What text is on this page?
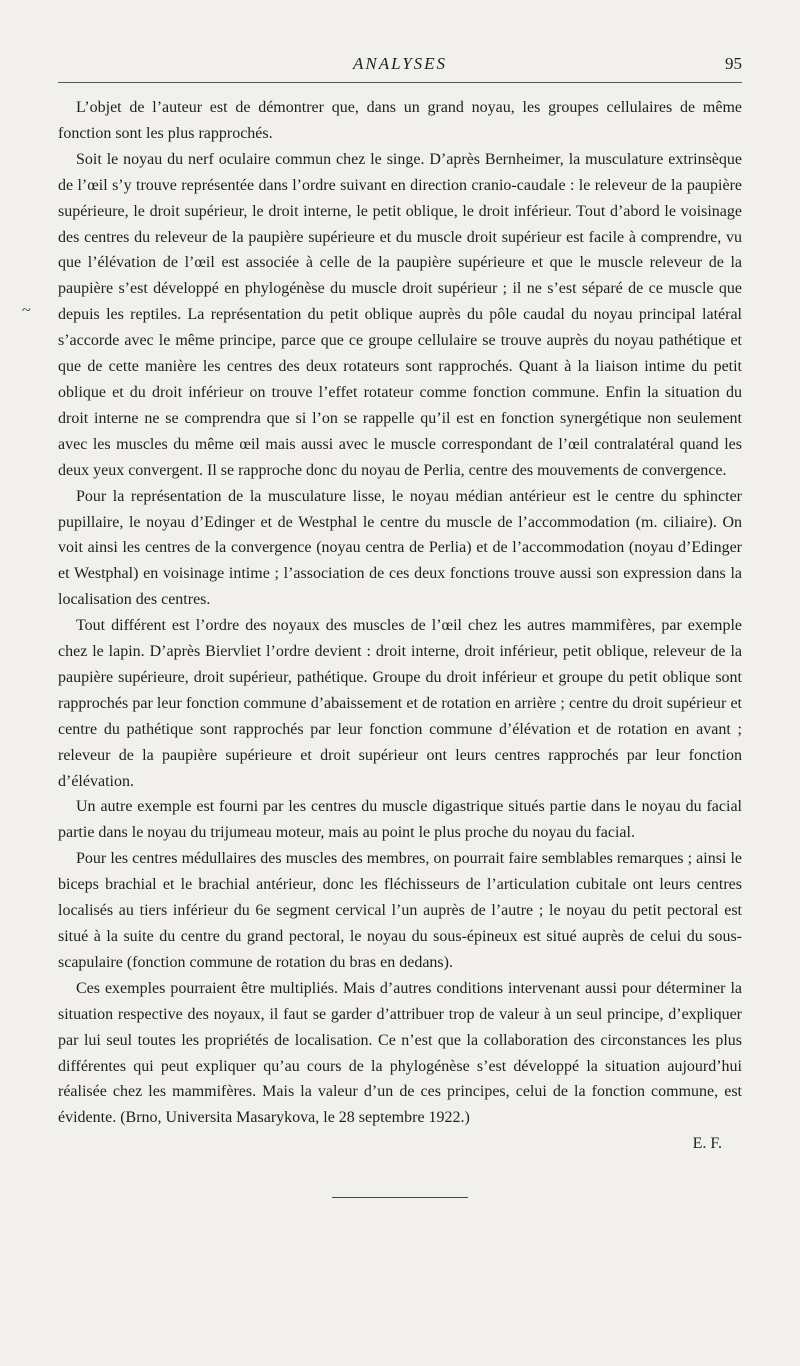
ANALYSES	95

L’objet de l’auteur est de démontrer que, dans un grand noyau, les groupes cellulaires de même fonction sont les plus rapprochés.

Soit le noyau du nerf oculaire commun chez le singe. D’après Bernheimer, la musculature extrinsèque de l’œil s’y trouve représentée dans l’ordre suivant en direction cranio-caudale : le releveur de la paupière supérieure, le droit supérieur, le droit interne, le petit oblique, le droit inférieur. Tout d’abord le voisinage des centres du releveur de la paupière supérieure et du muscle droit supérieur est facile à comprendre, vu que l’élévation de l’œil est associée à celle de la paupière supérieure et que le muscle releveur de la paupière s’est développé en phylogénèse du muscle droit supérieur ; il ne s’est séparé de ce muscle que depuis les reptiles. La représentation du petit oblique auprès du pôle caudal du noyau principal latéral s’accorde avec le même principe, parce que ce groupe cellulaire se trouve auprès du noyau pathétique et que de cette manière les centres des deux rotateurs sont rapprochés. Quant à la liaison intime du petit oblique et du droit inférieur on trouve l’effet rotateur comme fonction commune. Enfin la situation du droit interne ne se comprendra que si l’on se rappelle qu’il est en fonction synergétique non seulement avec les muscles du même œil mais aussi avec le muscle correspondant de l’œil contralatéral quand les deux yeux convergent. Il se rapproche donc du noyau de Perlia, centre des mouvements de convergence.

Pour la représentation de la musculature lisse, le noyau médian antérieur est le centre du sphincter pupillaire, le noyau d’Edinger et de Westphal le centre du muscle de l’accommodation (m. ciliaire). On voit ainsi les centres de la convergence (noyau centra de Perlia) et de l’accommodation (noyau d’Edinger et Westphal) en voisinage intime ; l’association de ces deux fonctions trouve aussi son expression dans la localisation des centres.

Tout différent est l’ordre des noyaux des muscles de l’œil chez les autres mammifères, par exemple chez le lapin. D’après Biervliet l’ordre devient : droit interne, droit inférieur, petit oblique, releveur de la paupière supérieure, droit supérieur, pathétique. Groupe du droit inférieur et groupe du petit oblique sont rapprochés par leur fonction commune d’abaissement et de rotation en arrière ; centre du droit supérieur et centre du pathétique sont rapprochés par leur fonction commune d’élévation et de rotation en avant ; releveur de la paupière supérieure et droit supérieur ont leurs centres rapprochés par leur fonction d’élévation.

Un autre exemple est fourni par les centres du muscle digastrique situés partie dans le noyau du facial partie dans le noyau du trijumeau moteur, mais au point le plus proche du noyau du facial.

Pour les centres médullaires des muscles des membres, on pourrait faire semblables remarques ; ainsi le biceps brachial et le brachial antérieur, donc les fléchisseurs de l’articulation cubitale ont leurs centres localisés au tiers inférieur du 6e segment cervical l’un auprès de l’autre ; le noyau du petit pectoral est situé à la suite du centre du grand pectoral, le noyau du sous-épineux est situé auprès de celui du sous-scapulaire (fonction commune de rotation du bras en dedans).

Ces exemples pourraient être multipliés. Mais d’autres conditions intervenant aussi pour déterminer la situation respective des noyaux, il faut se garder d’attribuer trop de valeur à un seul principe, d’expliquer par lui seul toutes les propriétés de localisation. Ce n’est que la collaboration des circonstances les plus différentes qui peut expliquer qu’au cours de la phylogénèse s’est développé la situation aujourd’hui réalisée chez les mammifères. Mais la valeur d’un de ces principes, celui de la fonction commune, est évidente. (Brno, Universita Masarykova, le 28 septembre 1922.)

E. F.
~
